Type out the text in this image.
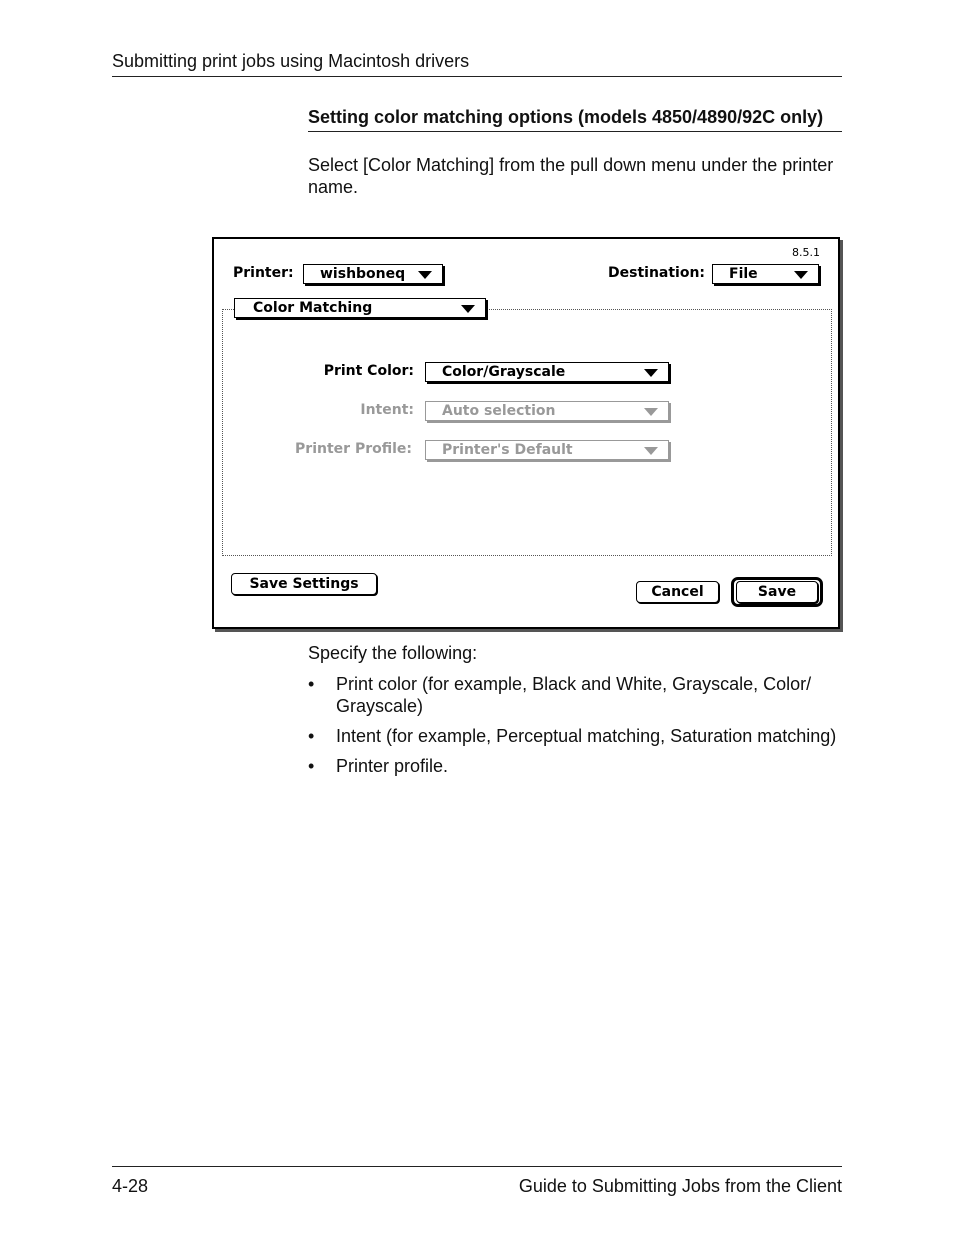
Submitting print jobs using Macintosh drivers
Setting color matching options (models 4850/4890/92C only)
Select [Color Matching] from the pull down menu under the printer name.
8.5.1
Printer: wishboneq	Destination: File
Color Matching
Print Color: Color/Grayscale
Intent: Auto selection
Printer Profile: Printer's Default
Save Settings	Cancel	Save
Specify the following:
• Print color (for example, Black and White, Grayscale, Color/ Grayscale)
• Intent (for example, Perceptual matching, Saturation matching)
• Printer profile.
4-28	Guide to Submitting Jobs from the Client
